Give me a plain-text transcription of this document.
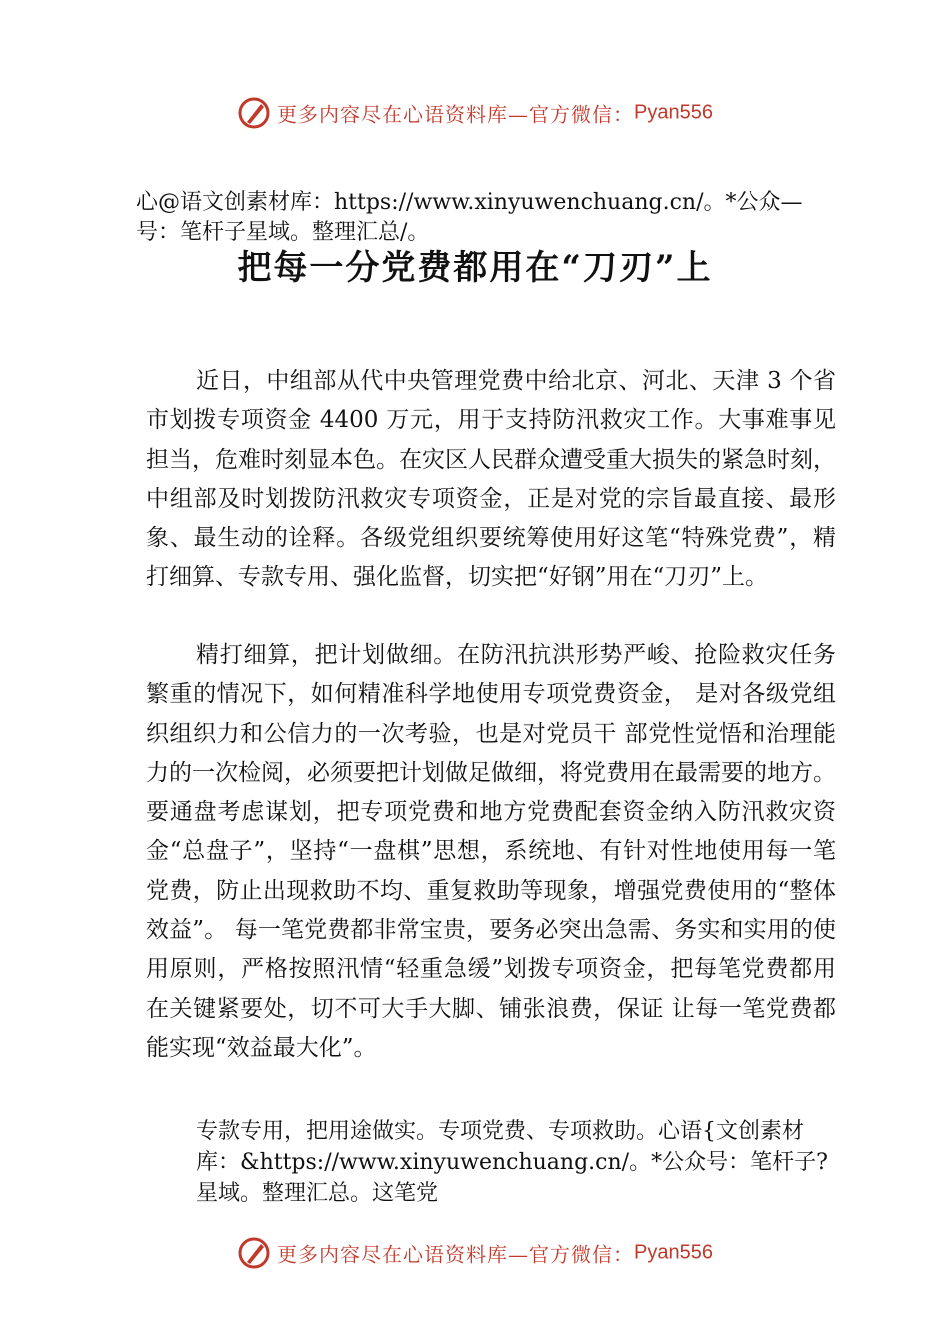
更多内容尽在心语资料库—官方微信：Pyan556
心@语文创素材库：https://www.xinyuwenchuang.cn/。*公众—号：笔杆子星域。整理汇总/。
把每一分党费都用在“刀刃”上

近日，中组部从代中央管理党费中给北京、河北、天津 3 个省市划拨专项资金 4400 万元，用于支持防汛救灾工作。大事难事见担当，危难时刻显本色。在灾区人民群众遭受重大损失的紧急时刻，中组部及时划拨防汛救灾专项资金，正是对党的宗旨最直接、最形象、最生动的诠释。各级党组织要统筹使用好这笔“特殊党费”，精打细算、专款专用、强化监督，切实把“好钢”用在“刀刃”上。

精打细算，把计划做细。在防汛抗洪形势严峻、抢险救灾任务繁重的情况下，如何精准科学地使用专项党费资金， 是对各级党组织组织力和公信力的一次考验，也是对党员干 部党性觉悟和治理能力的一次检阅，必须要把计划做足做细，将党费用在最需要的地方。要通盘考虑谋划，把专项党费和地方党费配套资金纳入防汛救灾资金“总盘子”，坚持“一盘棋”思想，系统地、有针对性地使用每一笔党费，防止出现救助不均、重复救助等现象，增强党费使用的“整体效益”。 每一笔党费都非常宝贵，要务必突出急需、务实和实用的使 用原则，严格按照汛情“轻重急缓”划拨专项资金，把每笔党费都用在关键紧要处，切不可大手大脚、铺张浪费，保证 让每一笔党费都能实现“效益最大化”。

专款专用，把用途做实。专项党费、专项救助。心语{文创素材库：&https://www.xinyuwenchuang.cn/。*公众号：笔杆子?星域。整理汇总。这笔党

更多内容尽在心语资料库—官方微信：Pyan556
